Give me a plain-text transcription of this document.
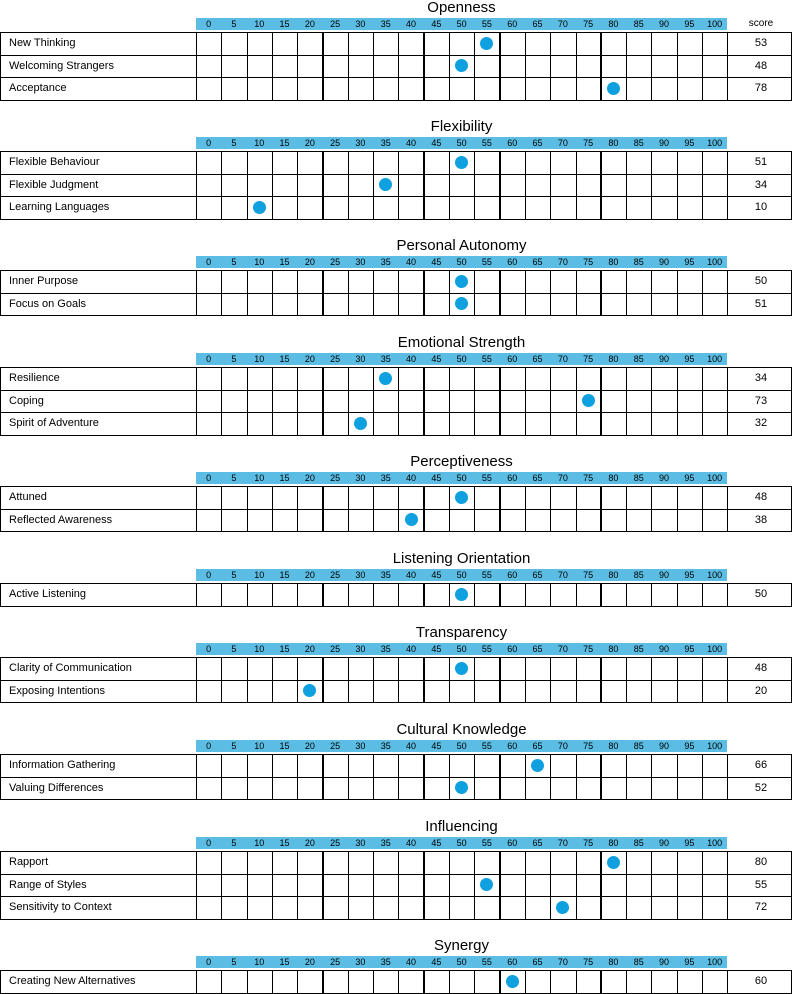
Openness
0	5	10	15	20	25	30	35	40	45	50	55	60	65	70	75	80	85	90	95	100	score
New Thinking	53
Welcoming Strangers	48
Acceptance	78
Flexibility
0	5	10	15	20	25	30	35	40	45	50	55	60	65	70	75	80	85	90	95	100
Flexible Behaviour	51
Flexible Judgment	34
Learning Languages	10
Personal Autonomy
0	5	10	15	20	25	30	35	40	45	50	55	60	65	70	75	80	85	90	95	100
Inner Purpose	50
Focus on Goals	51
Emotional Strength
0	5	10	15	20	25	30	35	40	45	50	55	60	65	70	75	80	85	90	95	100
Resilience	34
Coping	73
Spirit of Adventure	32
Perceptiveness
0	5	10	15	20	25	30	35	40	45	50	55	60	65	70	75	80	85	90	95	100
Attuned	48
Reflected Awareness	38
Listening Orientation
0	5	10	15	20	25	30	35	40	45	50	55	60	65	70	75	80	85	90	95	100
Active Listening	50
Transparency
0	5	10	15	20	25	30	35	40	45	50	55	60	65	70	75	80	85	90	95	100
Clarity of Communication	48
Exposing Intentions	20
Cultural Knowledge
0	5	10	15	20	25	30	35	40	45	50	55	60	65	70	75	80	85	90	95	100
Information Gathering	66
Valuing Differences	52
Influencing
0	5	10	15	20	25	30	35	40	45	50	55	60	65	70	75	80	85	90	95	100
Rapport	80
Range of Styles	55
Sensitivity to Context	72
Synergy
0	5	10	15	20	25	30	35	40	45	50	55	60	65	70	75	80	85	90	95	100
Creating New Alternatives	60
